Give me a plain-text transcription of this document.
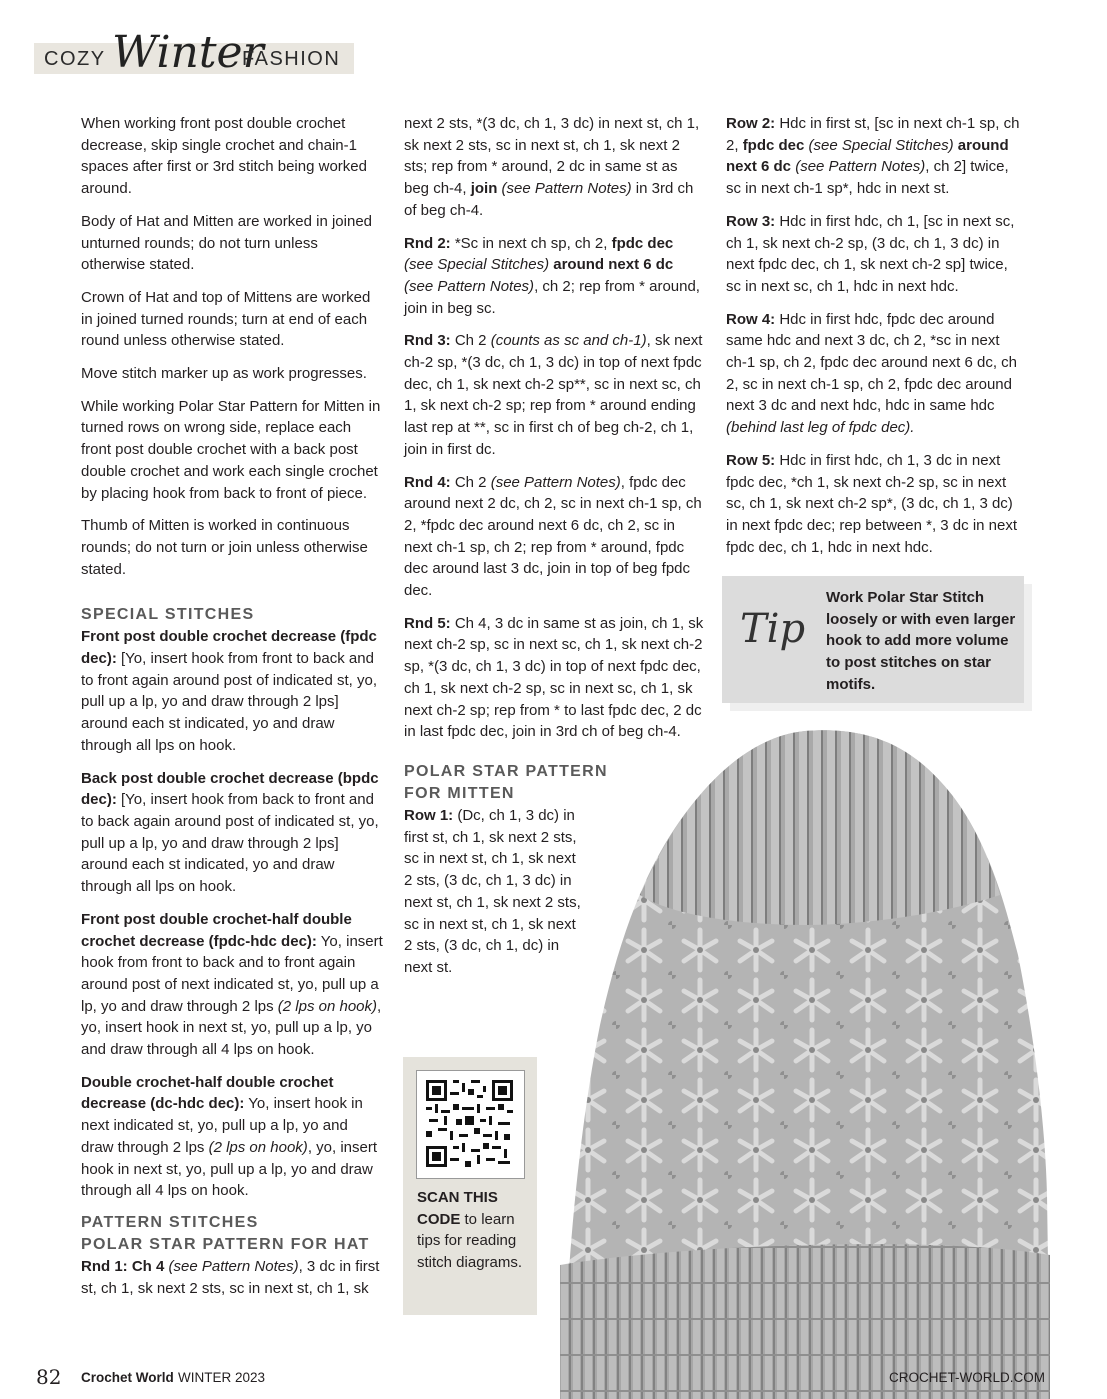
COZY Winter
FASHION

When working front post double crochet decrease, skip single crochet and chain-1 spaces after first or 3rd stitch being worked around.

Body of Hat and Mitten are worked in joined unturned rounds; do not turn unless otherwise stated.

Crown of Hat and top of Mittens are worked in joined turned rounds; turn at end of each round unless otherwise stated.

Move stitch marker up as work progresses.

While working Polar Star Pattern for Mitten in turned rows on wrong side, replace each front post double crochet with a back post double crochet and work each single crochet by placing hook from back to front of piece.

Thumb of Mitten is worked in continuous rounds; do not turn or join unless otherwise stated.

SPECIAL STITCHES

Front post double crochet decrease (fpdc dec): [Yo, insert hook from front to back and to front again around post of indicated st, yo, pull up a lp, yo and draw through 2 lps] around each st indicated, yo and draw through all lps on hook.

Back post double crochet decrease (bpdc dec): [Yo, insert hook from back to front and to back again around post of indicated st, yo, pull up a lp, yo and draw through 2 lps] around each st indicated, yo and draw through all lps on hook.

Front post double crochet-half double crochet decrease (fpdc-hdc dec): Yo, insert hook from front to back and to front again around post of next indicated st, yo, pull up a lp, yo and draw through 2 lps (2 lps on hook), yo, insert hook in next st, yo, pull up a lp, yo and draw through all 4 lps on hook.

Double crochet-half double crochet decrease (dc-hdc dec): Yo, insert hook in next indicated st, yo, pull up a lp, yo and draw through 2 lps (2 lps on hook), yo, insert hook in next st, yo, pull up a lp, yo and draw through all 4 lps on hook.

PATTERN STITCHES
POLAR STAR PATTERN FOR HAT

Rnd 1: Ch 4 (see Pattern Notes), 3 dc in first st, ch 1, sk next 2 sts, sc in next st, ch 1, sk

next 2 sts, *(3 dc, ch 1, 3 dc) in next st, ch 1, sk next 2 sts, sc in next st, ch 1, sk next 2 sts; rep from * around, 2 dc in same st as beg ch-4, join (see Pattern Notes) in 3rd ch of beg ch-4.

Rnd 2: *Sc in next ch sp, ch 2, fpdc dec (see Special Stitches) around next 6 dc (see Pattern Notes), ch 2; rep from * around, join in beg sc.

Rnd 3: Ch 2 (counts as sc and ch-1), sk next ch-2 sp, *(3 dc, ch 1, 3 dc) in top of next fpdc dec, ch 1, sk next ch-2 sp**, sc in next sc, ch 1, sk next ch-2 sp; rep from * around ending last rep at **, sc in first ch of beg ch-2, ch 1, join in first dc.

Rnd 4: Ch 2 (see Pattern Notes), fpdc dec around next 2 dc, ch 2, sc in next ch-1 sp, ch 2, *fpdc dec around next 6 dc, ch 2, sc in next ch-1 sp, ch 2; rep from * around, fpdc dec around last 3 dc, join in top of beg fpdc dec.

Rnd 5: Ch 4, 3 dc in same st as join, ch 1, sk next ch-2 sp, sc in next sc, ch 1, sk next ch-2 sp, *(3 dc, ch 1, 3 dc) in top of next fpdc dec, ch 1, sk next ch-2 sp, sc in next sc, ch 1, sk next ch-2 sp; rep from * to last fpdc dec, 2 dc in last fpdc dec, join in 3rd ch of beg ch-4.

POLAR STAR PATTERN FOR MITTEN

Row 1: (Dc, ch 1, 3 dc) in first st, ch 1, sk next 2 sts, sc in next st, ch 1, sk next 2 sts, (3 dc, ch 1, 3 dc) in next st, ch 1, sk next 2 sts, sc in next st, ch 1, sk next 2 sts, (3 dc, ch 1, dc) in next st.

Row 2: Hdc in first st, [sc in next ch-1 sp, ch 2, fpdc dec (see Special Stitches) around next 6 dc (see Pattern Notes), ch 2] twice, sc in next ch-1 sp*, hdc in next st.

Row 3: Hdc in first hdc, ch 1, [sc in next sc, ch 1, sk next ch-2 sp, (3 dc, ch 1, 3 dc) in next fpdc dec, ch 1, sk next ch-2 sp] twice, sc in next sc, ch 1, hdc in next hdc.

Row 4: Hdc in first hdc, fpdc dec around same hdc and next 3 dc, ch 2, *sc in next ch-1 sp, ch 2, fpdc dec around next 6 dc, ch 2, sc in next ch-1 sp, ch 2, fpdc dec around next 3 dc and next hdc, hdc in same hdc (behind last leg of fpdc dec).

Row 5: Hdc in first hdc, ch 1, 3 dc in next fpdc dec, *ch 1, sk next ch-2 sp, sc in next sc, ch 1, sk next ch-2 sp*, (3 dc, ch 1, 3 dc) in next fpdc dec; rep between *, 3 dc in next fpdc dec, ch 1, hdc in next hdc.

Tip
Work Polar Star Stitch loosely or with even larger hook to add more volume to post stitches on star motifs.
SCAN THIS CODE to learn tips for reading stitch diagrams.
82 Crochet World WINTER 2023	CROCHET-WORLD.COM
